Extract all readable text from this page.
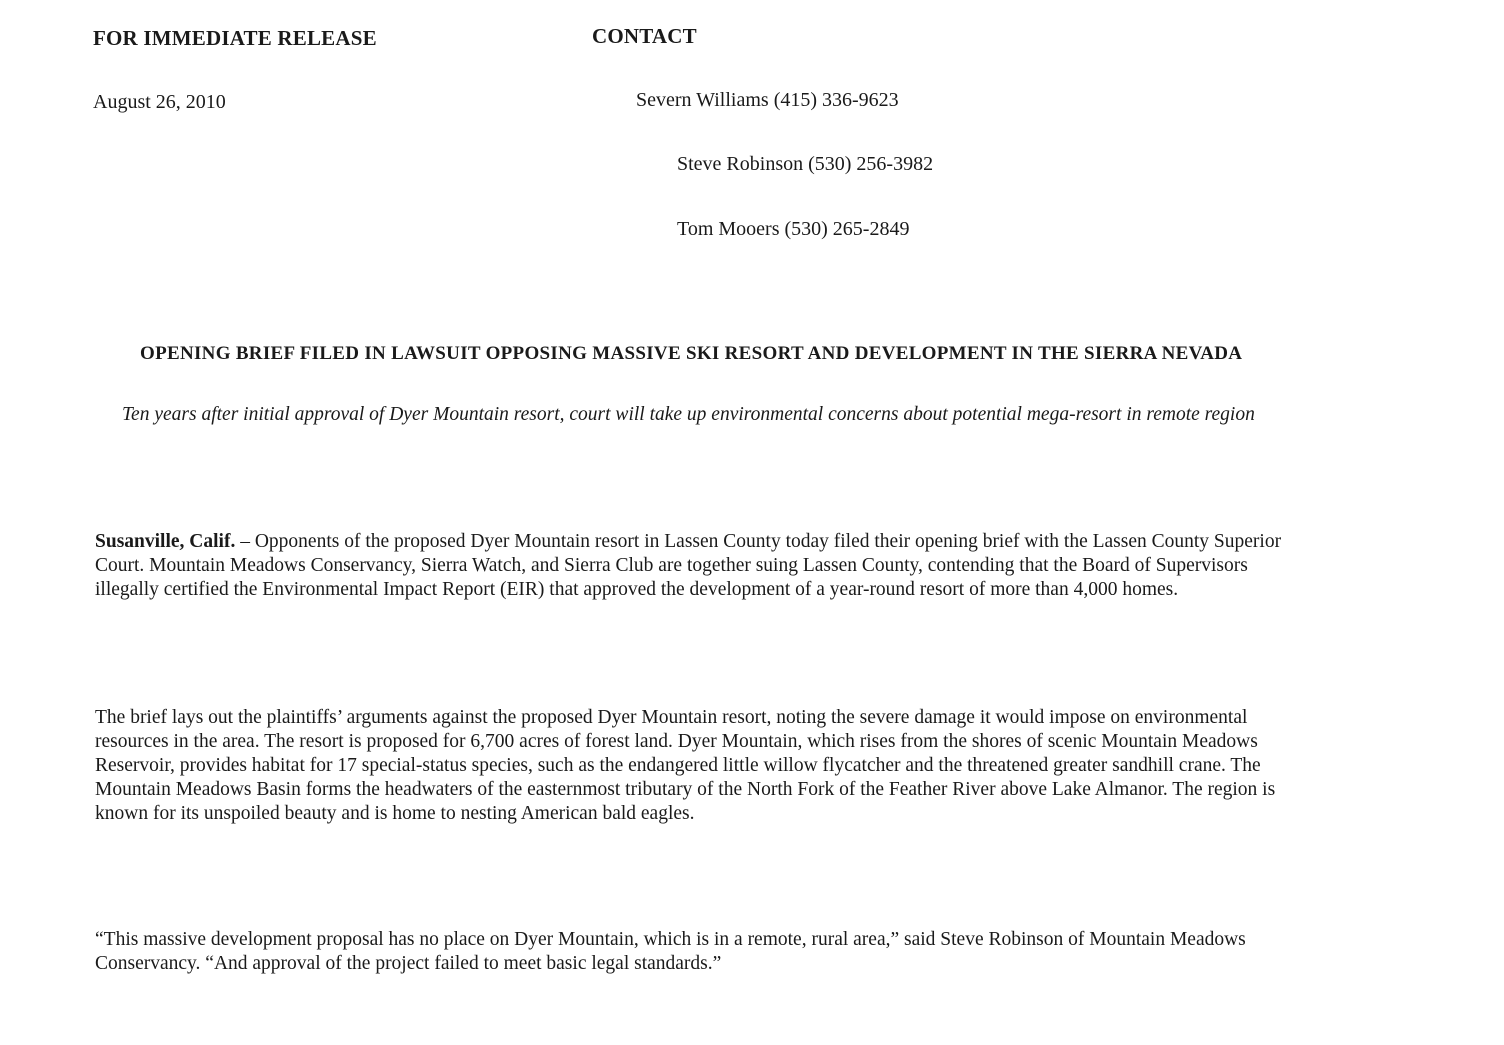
FOR IMMEDIATE RELEASE	CONTACT
August 26, 2010	Severn Williams (415) 336-9623
Steve Robinson (530) 256-3982
Tom Mooers (530) 265-2849
OPENING BRIEF FILED IN LAWSUIT OPPOSING MASSIVE SKI RESORT AND DEVELOPMENT IN THE SIERRA NEVADA
Ten years after initial approval of Dyer Mountain resort, court will take up environmental concerns about potential mega-resort in remote region
Susanville, Calif. – Opponents of the proposed Dyer Mountain resort in Lassen County today filed their opening brief with the Lassen County Superior
Court. Mountain Meadows Conservancy, Sierra Watch, and Sierra Club are together suing Lassen County, contending that the Board of Supervisors
illegally certified the Environmental Impact Report (EIR) that approved the development of a year-round resort of more than 4,000 homes.
The brief lays out the plaintiffs’ arguments against the proposed Dyer Mountain resort, noting the severe damage it would impose on environmental
resources in the area. The resort is proposed for 6,700 acres of forest land. Dyer Mountain, which rises from the shores of scenic Mountain Meadows
Reservoir, provides habitat for 17 special-status species, such as the endangered little willow flycatcher and the threatened greater sandhill crane. The
Mountain Meadows Basin forms the headwaters of the easternmost tributary of the North Fork of the Feather River above Lake Almanor. The region is
known for its unspoiled beauty and is home to nesting American bald eagles.
“This massive development proposal has no place on Dyer Mountain, which is in a remote, rural area,” said Steve Robinson of Mountain Meadows
Conservancy. “And approval of the project failed to meet basic legal standards.”
